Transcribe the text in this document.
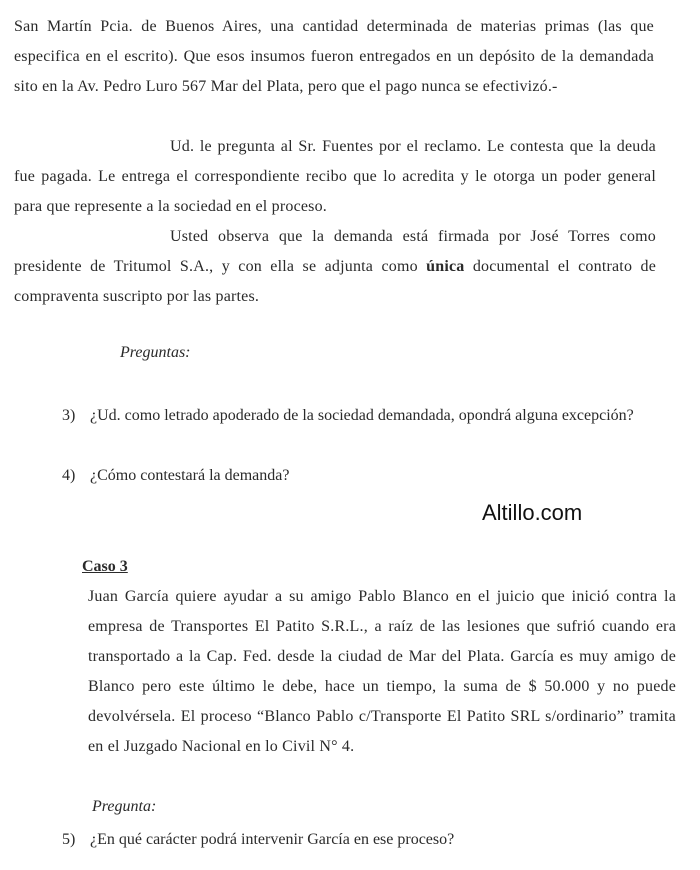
San Martín Pcia. de Buenos Aires, una cantidad determinada de materias primas (las que especifica en el escrito). Que esos insumos fueron entregados en un depósito de la demandada sito en la Av. Pedro Luro 567 Mar del Plata, pero que el pago nunca se efectivizó.-

Ud. le pregunta al Sr. Fuentes por el reclamo. Le contesta que la deuda fue pagada. Le entrega el correspondiente recibo que lo acredita y le otorga un poder general para que represente a la sociedad en el proceso.

Usted observa que la demanda está firmada por José Torres como presidente de Tritumol S.A., y con ella se adjunta como única documental el contrato de compraventa suscripto por las partes.

Preguntas:

3) ¿Ud. como letrado apoderado de la sociedad demandada, opondrá alguna excepción?
4) ¿Cómo contestará la demanda?
Altillo.com

Caso 3

Juan García quiere ayudar a su amigo Pablo Blanco en el juicio que inició contra la empresa de Transportes El Patito S.R.L., a raíz de las lesiones que sufrió cuando era transportado a la Cap. Fed. desde la ciudad de Mar del Plata. García es muy amigo de Blanco pero este último le debe, hace un tiempo, la suma de $ 50.000 y no puede devolvérsela. El proceso “Blanco Pablo c/Transporte El Patito SRL s/ordinario” tramita en el Juzgado Nacional en lo Civil N° 4.

Pregunta:

5) ¿En qué carácter podrá intervenir García en ese proceso?
